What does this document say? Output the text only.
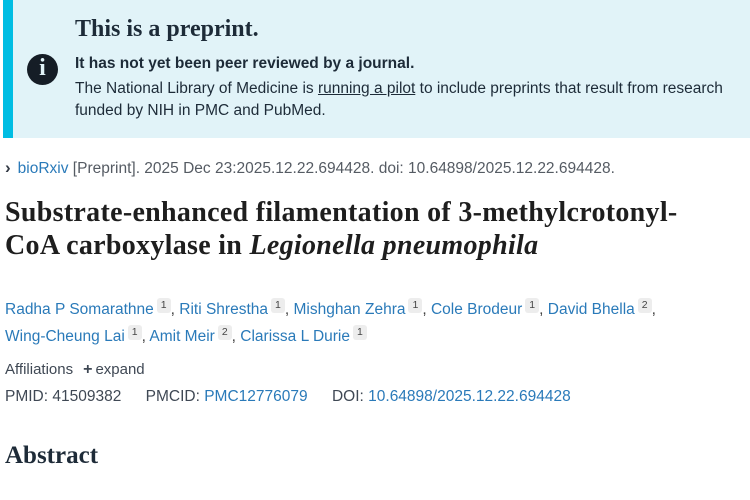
i
This is a preprint.
It has not yet been peer reviewed by a journal.
The National Library of Medicine is running a pilot to include preprints that result from research funded by NIH in PMC and PubMed.
› bioRxiv [Preprint]. 2025 Dec 23:2025.12.22.694428. doi: 10.64898/2025.12.22.694428.
Substrate-enhanced filamentation of 3-methylcrotonyl-CoA carboxylase in Legionella pneumophila
Radha P Somarathne $^1$ , Riti Shrestha $^1$ , Mishghan Zehra $^1$ , Cole Brodeur $^1$ , David Bhella $^2$ , Wing-Cheung Lai $^1$ , Amit Meir $^2$ , Clarissa L Durie $^1$
Affiliations + expand
PMID: 41509382 PMCID: PMC12776079 DOI: 10.64898/2025.12.22.694428
Abstract
